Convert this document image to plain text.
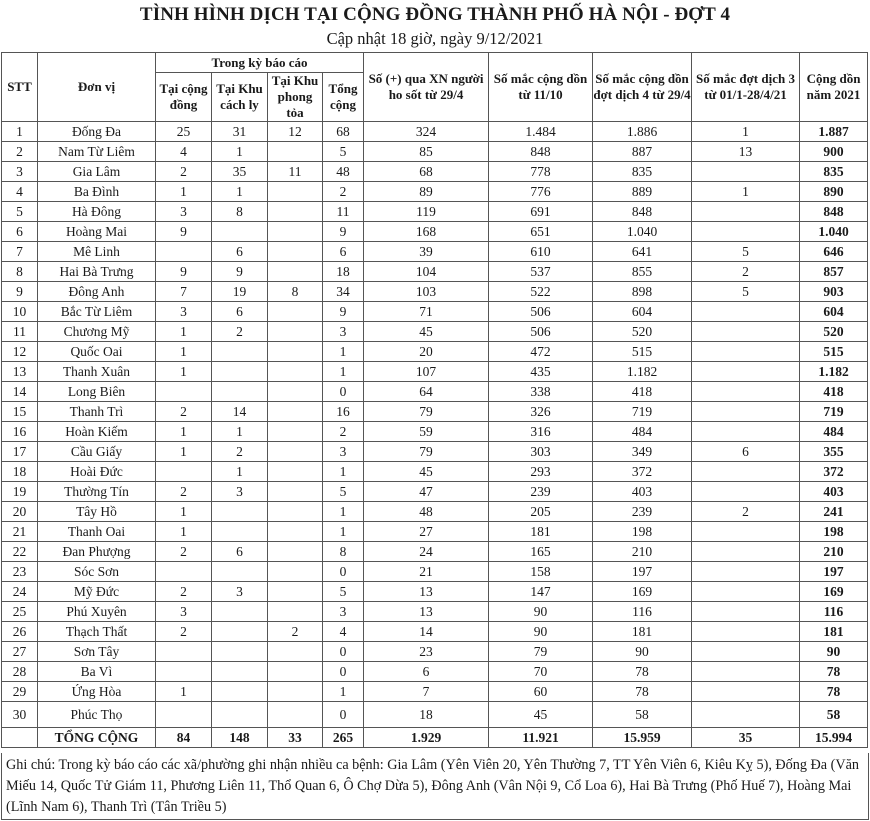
TÌNH HÌNH DỊCH TẠI CỘNG ĐỒNG THÀNH PHỐ HÀ NỘI - ĐỢT 4
Cập nhật 18 giờ, ngày 9/12/2021
STT	Đơn vị	Trong kỳ báo cáo				Số (+) qua XN người ho sốt từ 29/4	Số mắc cộng dồn từ 11/10	Số mắc cộng dồn đợt dịch 4 từ 29/4	Số mắc đợt dịch 3 từ 01/1-28/4/21	Cộng dồn năm 2021
		Tại cộng đồng	Tại Khu cách ly	Tại Khu phong tỏa	Tổng cộng					
1	Đống Đa	25	31	12	68	324	1.484	1.886	1	1.887
2	Nam Từ Liêm	4	1		5	85	848	887	13	900
3	Gia Lâm	2	35	11	48	68	778	835		835
4	Ba Đình	1	1		2	89	776	889	1	890
5	Hà Đông	3	8		11	119	691	848		848
6	Hoàng Mai	9			9	168	651	1.040		1.040
7	Mê Linh		6		6	39	610	641	5	646
8	Hai Bà Trưng	9	9		18	104	537	855	2	857
9	Đông Anh	7	19	8	34	103	522	898	5	903
10	Bắc Từ Liêm	3	6		9	71	506	604		604
11	Chương Mỹ	1	2		3	45	506	520		520
12	Quốc Oai	1			1	20	472	515		515
13	Thanh Xuân	1			1	107	435	1.182		1.182
14	Long Biên				0	64	338	418		418
15	Thanh Trì	2	14		16	79	326	719		719
16	Hoàn Kiếm	1	1		2	59	316	484		484
17	Cầu Giấy	1	2		3	79	303	349	6	355
18	Hoài Đức		1		1	45	293	372		372
19	Thường Tín	2	3		5	47	239	403		403
20	Tây Hồ	1			1	48	205	239	2	241
21	Thanh Oai	1			1	27	181	198		198
22	Đan Phượng	2	6		8	24	165	210		210
23	Sóc Sơn				0	21	158	197		197
24	Mỹ Đức	2	3		5	13	147	169		169
25	Phú Xuyên	3			3	13	90	116		116
26	Thạch Thất	2		2	4	14	90	181		181
27	Sơn Tây				0	23	79	90		90
28	Ba Vì				0	6	70	78		78
29	Ứng Hòa	1			1	7	60	78		78
30	Phúc Thọ				0	18	45	58		58
	TỔNG CỘNG	84	148	33	265	1.929	11.921	15.959	35	15.994
Ghi chú: Trong kỳ báo cáo các xã/phường ghi nhận nhiều ca bệnh: Gia Lâm (Yên Viên 20, Yên Thường 7, TT Yên Viên 6, Kiêu Kỵ 5), Đống Đa (Văn Miếu 14, Quốc Tử Giám 11, Phương Liên 11, Thổ Quan 6, Ô Chợ Dừa 5), Đông Anh (Vân Nội 9, Cổ Loa 6), Hai Bà Trưng (Phố Huế 7), Hoàng Mai (Lĩnh Nam 6), Thanh Trì (Tân Triều 5)
